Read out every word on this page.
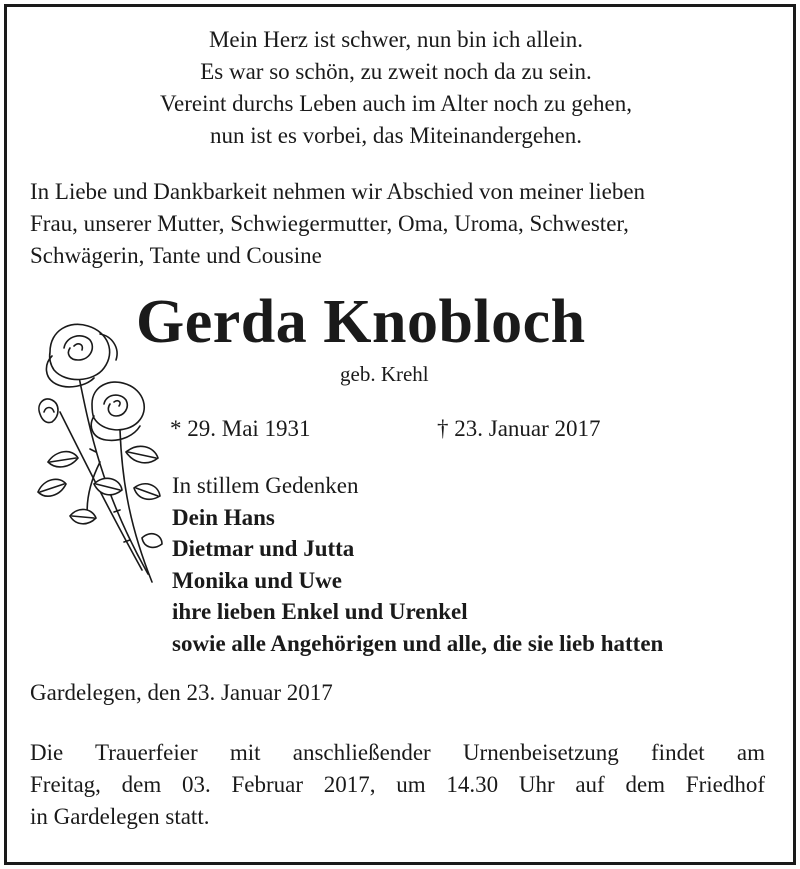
Mein Herz ist schwer, nun bin ich allein.
Es war so schön, zu zweit noch da zu sein.
Vereint durchs Leben auch im Alter noch zu gehen,
nun ist es vorbei, das Miteinandergehen.
In Liebe und Dankbarkeit nehmen wir Abschied von meiner lieben
Frau, unserer Mutter, Schwiegermutter, Oma, Uroma, Schwester,
Schwägerin, Tante und Cousine
Gerda Knobloch
geb. Krehl
* 29. Mai 1931	† 23. Januar 2017
In stillem Gedenken
Dein Hans
Dietmar und Jutta
Monika und Uwe
ihre lieben Enkel und Urenkel
sowie alle Angehörigen und alle, die sie lieb hatten
Gardelegen, den 23. Januar 2017
Die Trauerfeier mit anschließender Urnenbeisetzung findet am
Freitag, dem 03. Februar 2017, um 14.30 Uhr auf dem Friedhof
in Gardelegen statt.
